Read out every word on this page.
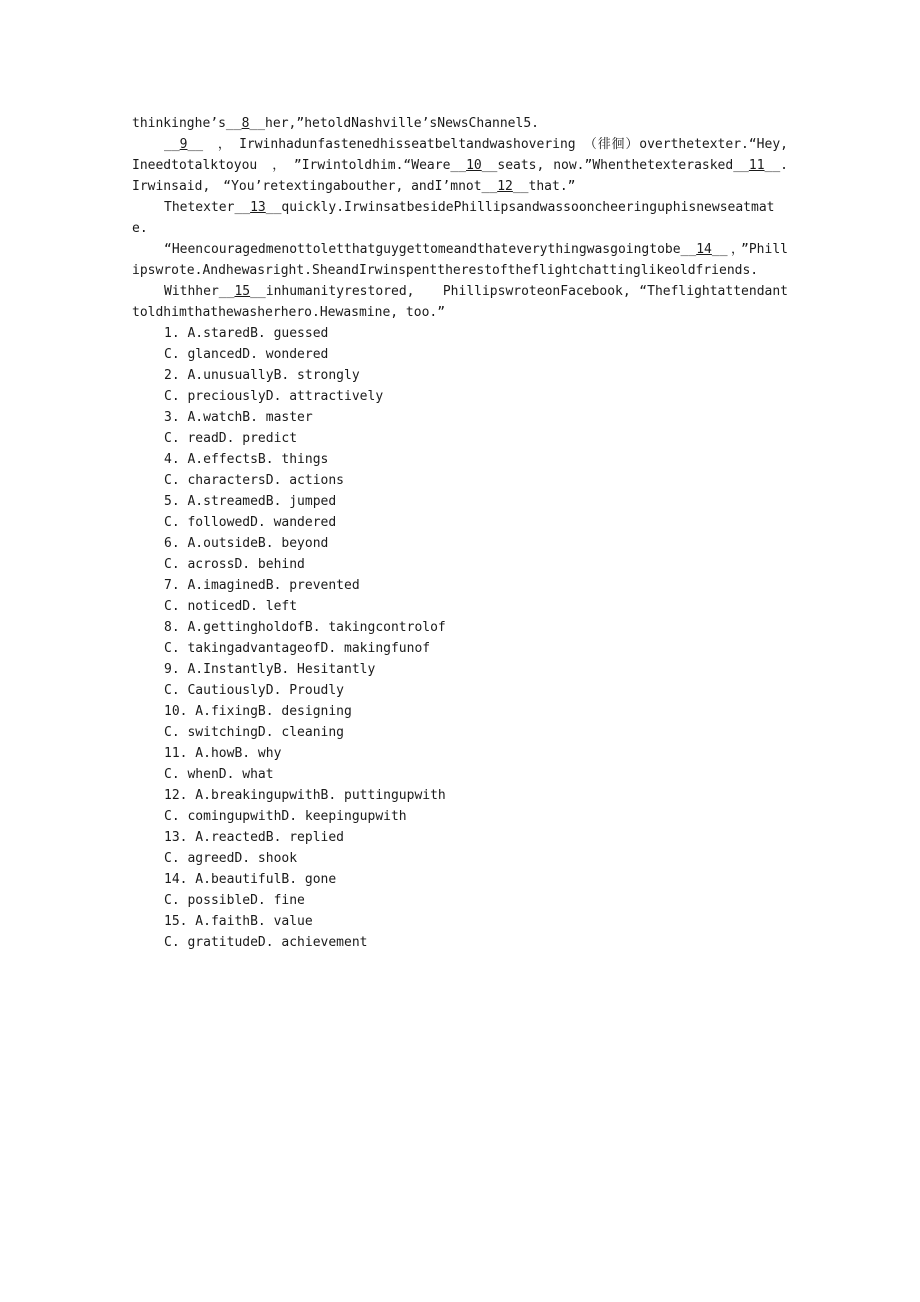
thinkinghe’s__8__her,”hetoldNashville’sNewsChannel5.

__9__　，　Irwinhadunfastenedhisseatbeltandwashovering　（徘徊）overthetexter.“Hey,　Ineedtotalktoyou　，　”Irwintoldhim.“Weare__10__seats, now.”Whenthetexterasked__11__.Irwinsaid,　“You’retextingabouther, andI’mnot__12__that.”

Thetexter__13__quickly.IrwinsatbesidePhillipsandwassooncheeringuphisnewseatmate.

“Heencouragedmenottoletthatguygettomeandthateverythingwasgoingtobe__14__，”Phillipswrote.Andhewasright.SheandIrwinspenttherestoftheflightchattinglikeoldfriends.

Withher__15__inhumanityrestored,　　PhillipswroteonFacebook, “Theflightattendanttoldhimthathewasherhero.Hewasmine, too.”

1. A.staredB. guessed
C. glancedD. wondered
2. A.unusuallyB. strongly
C. preciouslyD. attractively
3. A.watchB. master
C. readD. predict
4. A.effectsB. things
C. charactersD. actions
5. A.streamedB. jumped
C. followedD. wandered
6. A.outsideB. beyond
C. acrossD. behind
7. A.imaginedB. prevented
C. noticedD. left
8. A.gettingholdofB. takingcontrolof
C. takingadvantageofD. makingfunof
9. A.InstantlyB. Hesitantly
C. CautiouslyD. Proudly
10. A.fixingB. designing
C. switchingD. cleaning
11. A.howB. why
C. whenD. what
12. A.breakingupwithB. puttingupwith
C. comingupwithD. keepingupwith
13. A.reactedB. replied
C. agreedD. shook
14. A.beautifulB. gone
C. possibleD. fine
15. A.faithB. value
C. gratitudeD. achievement
